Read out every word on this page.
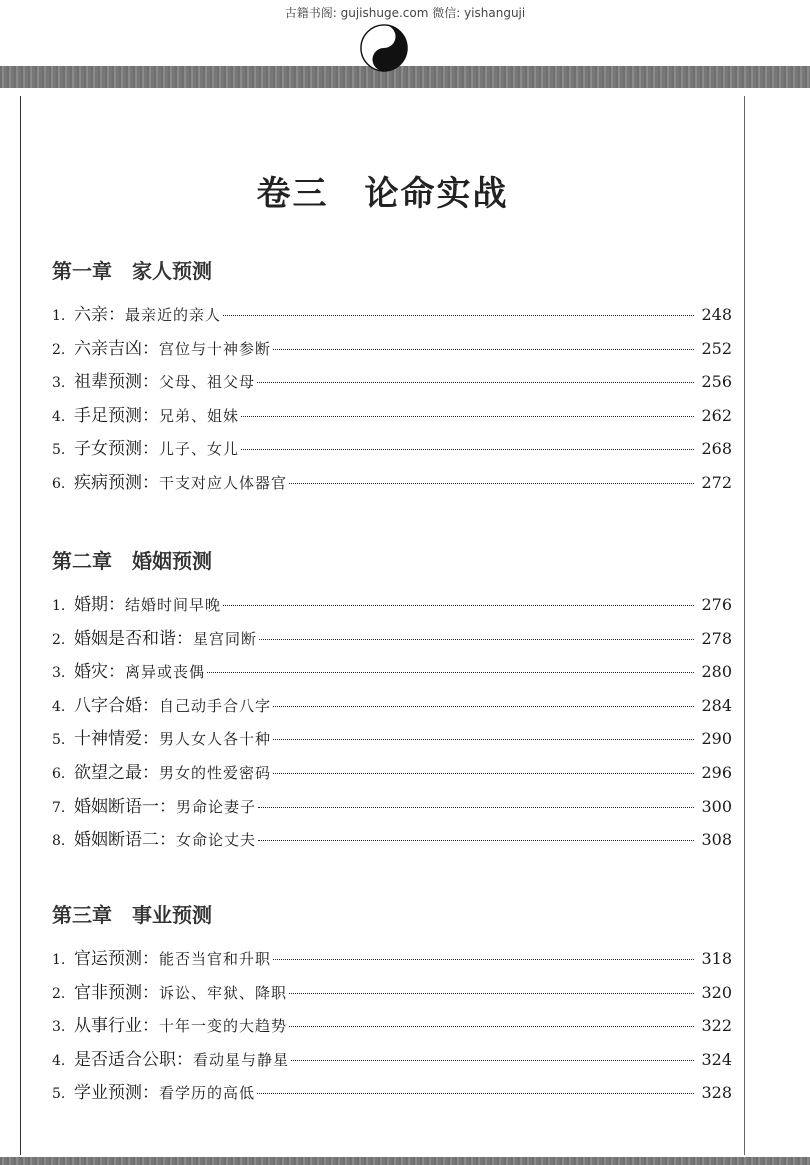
古籍书阁: gujishuge.com 微信: yishanguji
卷三　论命实战
第一章　家人预测
1. 六亲 ： 最亲近的亲人	248
2. 六亲吉凶 ： 宫位与十神参断	252
3. 祖辈预测 ： 父母、祖父母	256
4. 手足预测 ： 兄弟、姐妹	262
5. 子女预测 ： 儿子、女儿	268
6. 疾病预测 ： 干支对应人体器官	272
第二章　婚姻预测
1. 婚期 ： 结婚时间早晚	276
2. 婚姻是否和谐 ： 星宫同断	278
3. 婚灾 ： 离异或丧偶	280
4. 八字合婚 ： 自己动手合八字	284
5. 十神情爱 ： 男人女人各十种	290
6. 欲望之最 ： 男女的性爱密码	296
7. 婚姻断语一 ： 男命论妻子	300
8. 婚姻断语二 ： 女命论丈夫	308
第三章　事业预测
1. 官运预测 ： 能否当官和升职	318
2. 官非预测 ： 诉讼、牢狱、降职	320
3. 从事行业 ： 十年一变的大趋势	322
4. 是否适合公职 ： 看动星与静星	324
5. 学业预测 ： 看学历的高低	328
